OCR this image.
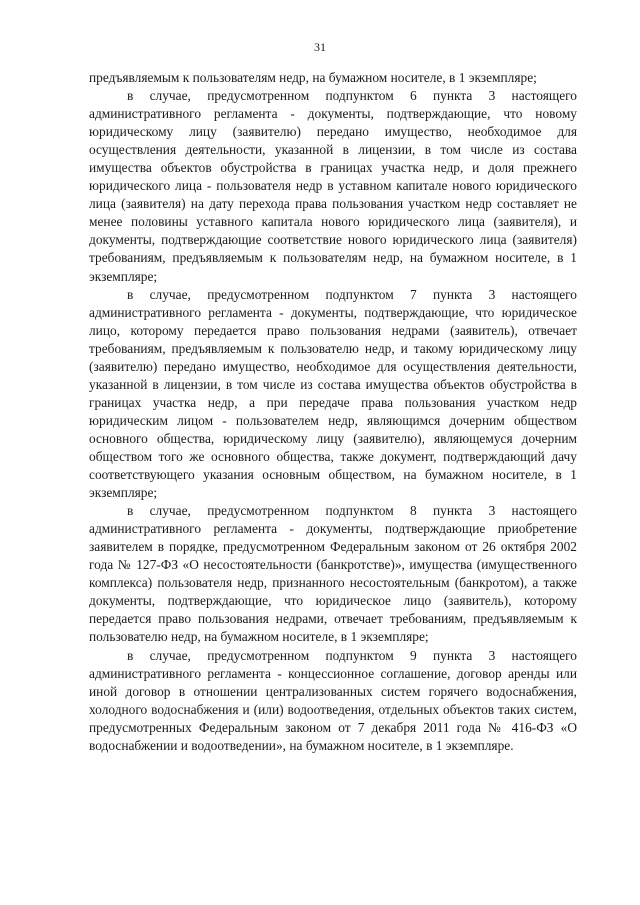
31

предъявляемым к пользователям недр, на бумажном носителе, в 1 экземпляре;

в случае, предусмотренном подпунктом 6 пункта 3 настоящего административного регламента - документы, подтверждающие, что новому юридическому лицу (заявителю) передано имущество, необходимое для осуществления деятельности, указанной в лицензии, в том числе из состава имущества объектов обустройства в границах участка недр, и доля прежнего юридического лица - пользователя недр в уставном капитале нового юридического лица (заявителя) на дату перехода права пользования участком недр составляет не менее половины уставного капитала нового юридического лица (заявителя), и документы, подтверждающие соответствие нового юридического лица (заявителя) требованиям, предъявляемым к пользователям недр, на бумажном носителе, в 1 экземпляре;

в случае, предусмотренном подпунктом 7 пункта 3 настоящего административного регламента - документы, подтверждающие, что юридическое лицо, которому передается право пользования недрами (заявитель), отвечает требованиям, предъявляемым к пользователю недр, и такому юридическому лицу (заявителю) передано имущество, необходимое для осуществления деятельности, указанной в лицензии, в том числе из состава имущества объектов обустройства в границах участка недр, а при передаче права пользования участком недр юридическим лицом - пользователем недр, являющимся дочерним обществом основного общества, юридическому лицу (заявителю), являющемуся дочерним обществом того же основного общества, также документ, подтверждающий дачу соответствующего указания основным обществом, на бумажном носителе, в 1 экземпляре;

в случае, предусмотренном подпунктом 8 пункта 3 настоящего административного регламента - документы, подтверждающие приобретение заявителем в порядке, предусмотренном Федеральным законом от 26 октября 2002 года № 127-ФЗ «О несостоятельности (банкротстве)», имущества (имущественного комплекса) пользователя недр, признанного несостоятельным (банкротом), а также документы, подтверждающие, что юридическое лицо (заявитель), которому передается право пользования недрами, отвечает требованиям, предъявляемым к пользователю недр, на бумажном носителе, в 1 экземпляре;

в случае, предусмотренном подпунктом 9 пункта 3 настоящего административного регламента - концессионное соглашение, договор аренды или иной договор в отношении централизованных систем горячего водоснабжения, холодного водоснабжения и (или) водоотведения, отдельных объектов таких систем, предусмотренных Федеральным законом от 7 декабря 2011 года № 416-ФЗ «О водоснабжении и водоотведении», на бумажном носителе, в 1 экземпляре.
